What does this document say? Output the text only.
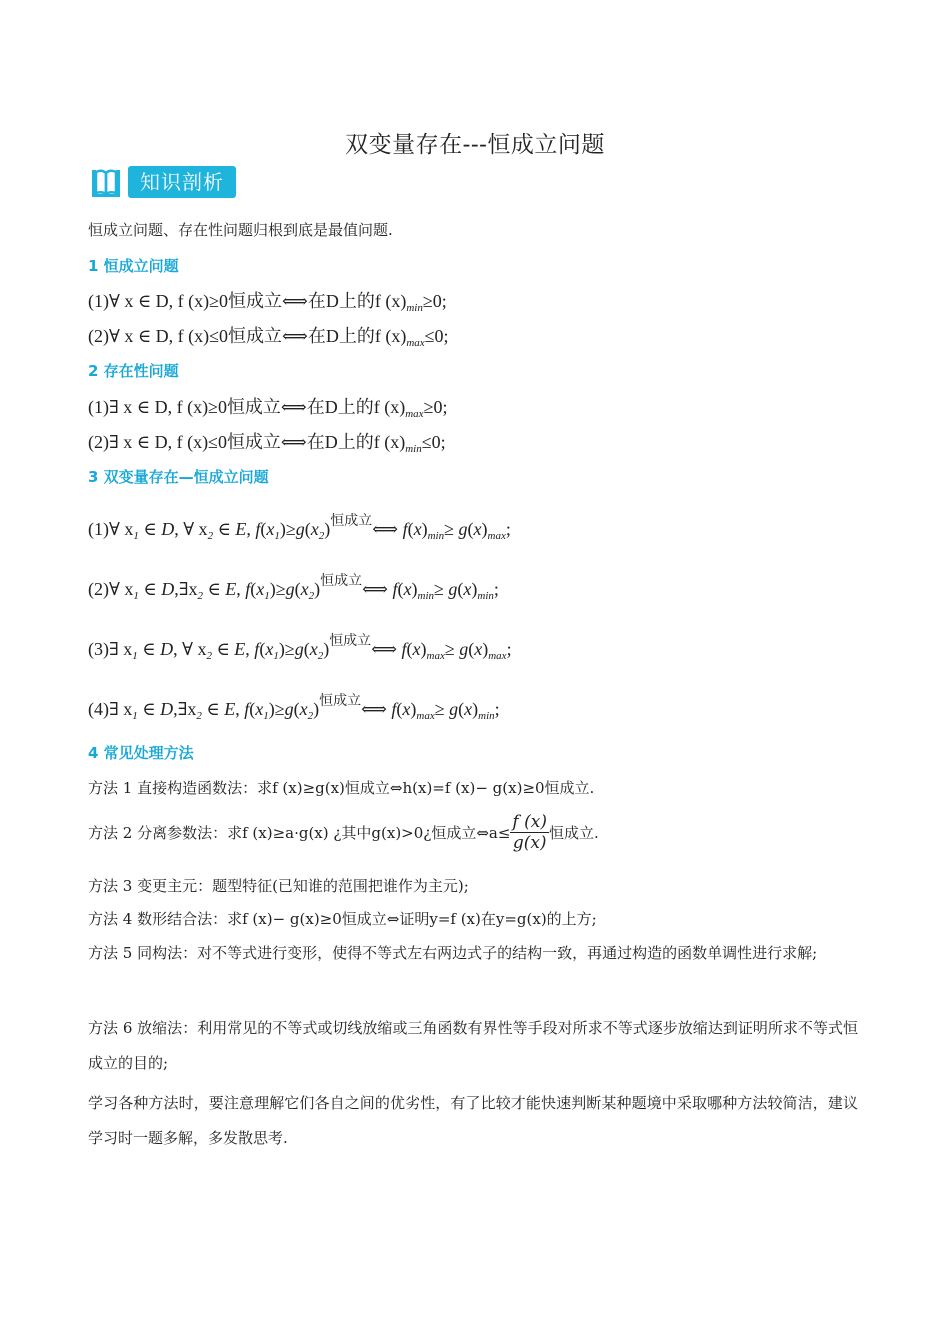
双变量存在---恒成立问题
知识剖析
恒成立问题、存在性问题归根到底是最值问题.
1 恒成立问题
(1)∀ x ∈ D, f (x)≥0恒成立⟺在D上的f $(x)_{min}\ge 0$;
(2)∀ x ∈ D, f (x)≤0恒成立⟺在D上的f $(x)_{max}\le 0$;
2 存在性问题
(1)∃ x ∈ D, f (x)≥0恒成立⟺在D上的f $(x)_{max}\ge 0$;
(2)∃ x ∈ D, f (x)≤0恒成立⟺在D上的f $(x)_{min}\le 0$;
3 双变量存在—恒成立问题
(1)∀ $x_1$ ∈ D, ∀ $x_2$ ∈ E, $f(x_1)\ge g(x_2)^{恒成立}⟺$ $f(x)_{min}\ge g(x)_{max}$;
(2)∀ $x_1$ ∈ $D,\exists x_2$ ∈ E, $f(x_1)\ge g(x_2)^{恒成立}⟺$ $f(x)_{min}\ge g(x)_{min}$;
(3)∃ $x_1$ ∈ D, ∀ $x_2$ ∈ E, $f(x_1)\ge g(x_2)^{恒成立}⟺$ $f(x)_{max}\ge g(x)_{max}$;
(4)∃ $x_1$ ∈ $D,\exists x_2$ ∈ E, $f(x_1)\ge g(x_2)^{恒成立}⟺$ $f(x)_{max}\ge g(x)_{min}$;
4 常见处理方法
方法 1 直接构造函数法：求f (x)≥g(x)恒成立⇔h(x)=f (x)− g(x)≥0恒成立.
方法 2 分离参数法：求f (x)≥a·g(x) ¿其中g(x)>0¿恒成立⇔a≤ $\frac{f (x)}{g(x)}$ 恒成立.
方法 3 变更主元：题型特征(已知谁的范围把谁作为主元);
方法 4 数形结合法：求f (x)− g(x)≥0恒成立⇔证明y=f (x)在y=g(x)的上方;
方法 5 同构法：对不等式进行变形，使得不等式左右两边式子的结构一致，再通过构造的函数单调性进行求解;
方法 6 放缩法：利用常见的不等式或切线放缩或三角函数有界性等手段对所求不等式逐步放缩达到证明所求不等式恒成立的目的;
学习各种方法时，要注意理解它们各自之间的优劣性，有了比较才能快速判断某种题境中采取哪种方法较简洁，建议学习时一题多解，多发散思考.
